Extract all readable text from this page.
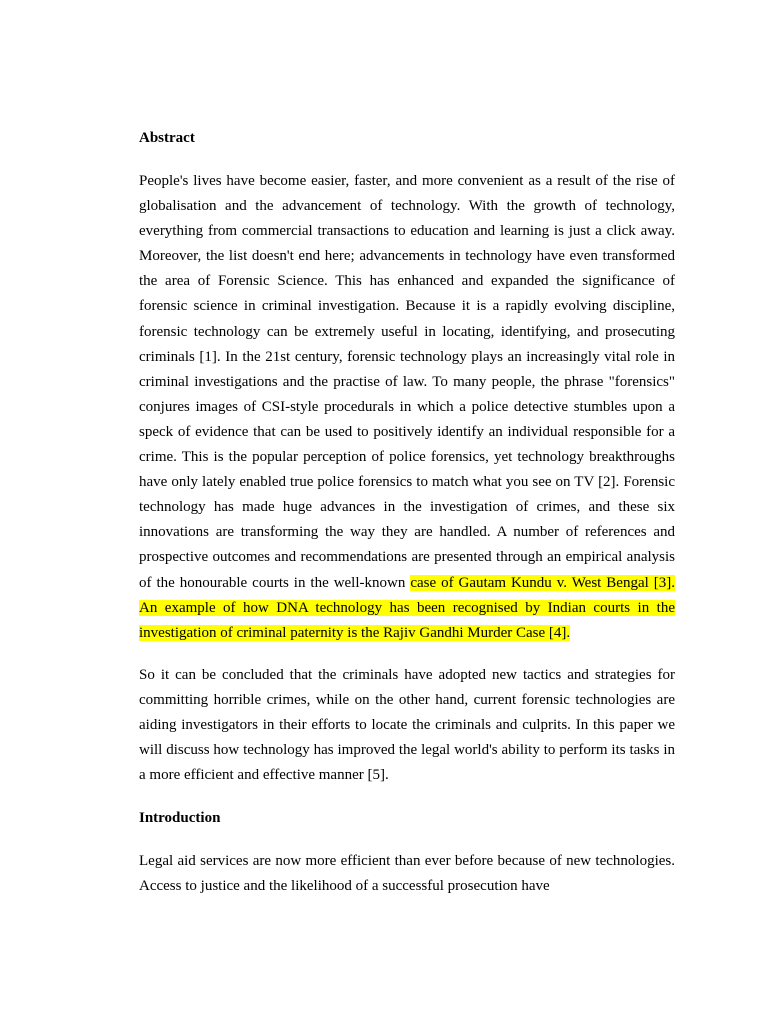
Abstract

People's lives have become easier, faster, and more convenient as a result of the rise of globalisation and the advancement of technology. With the growth of technology, everything from commercial transactions to education and learning is just a click away. Moreover, the list doesn't end here; advancements in technology have even transformed the area of Forensic Science. This has enhanced and expanded the significance of forensic science in criminal investigation. Because it is a rapidly evolving discipline, forensic technology can be extremely useful in locating, identifying, and prosecuting criminals [1]. In the 21st century, forensic technology plays an increasingly vital role in criminal investigations and the practise of law. To many people, the phrase "forensics" conjures images of CSI-style procedurals in which a police detective stumbles upon a speck of evidence that can be used to positively identify an individual responsible for a crime. This is the popular perception of police forensics, yet technology breakthroughs have only lately enabled true police forensics to match what you see on TV [2]. Forensic technology has made huge advances in the investigation of crimes, and these six innovations are transforming the way they are handled. A number of references and prospective outcomes and recommendations are presented through an empirical analysis of the honourable courts in the well-known case of Gautam Kundu v. West Bengal [3]. An example of how DNA technology has been recognised by Indian courts in the investigation of criminal paternity is the Rajiv Gandhi Murder Case [4].

So it can be concluded that the criminals have adopted new tactics and strategies for committing horrible crimes, while on the other hand, current forensic technologies are aiding investigators in their efforts to locate the criminals and culprits. In this paper we will discuss how technology has improved the legal world's ability to perform its tasks in a more efficient and effective manner [5].

Introduction

Legal aid services are now more efficient than ever before because of new technologies. Access to justice and the likelihood of a successful prosecution have
